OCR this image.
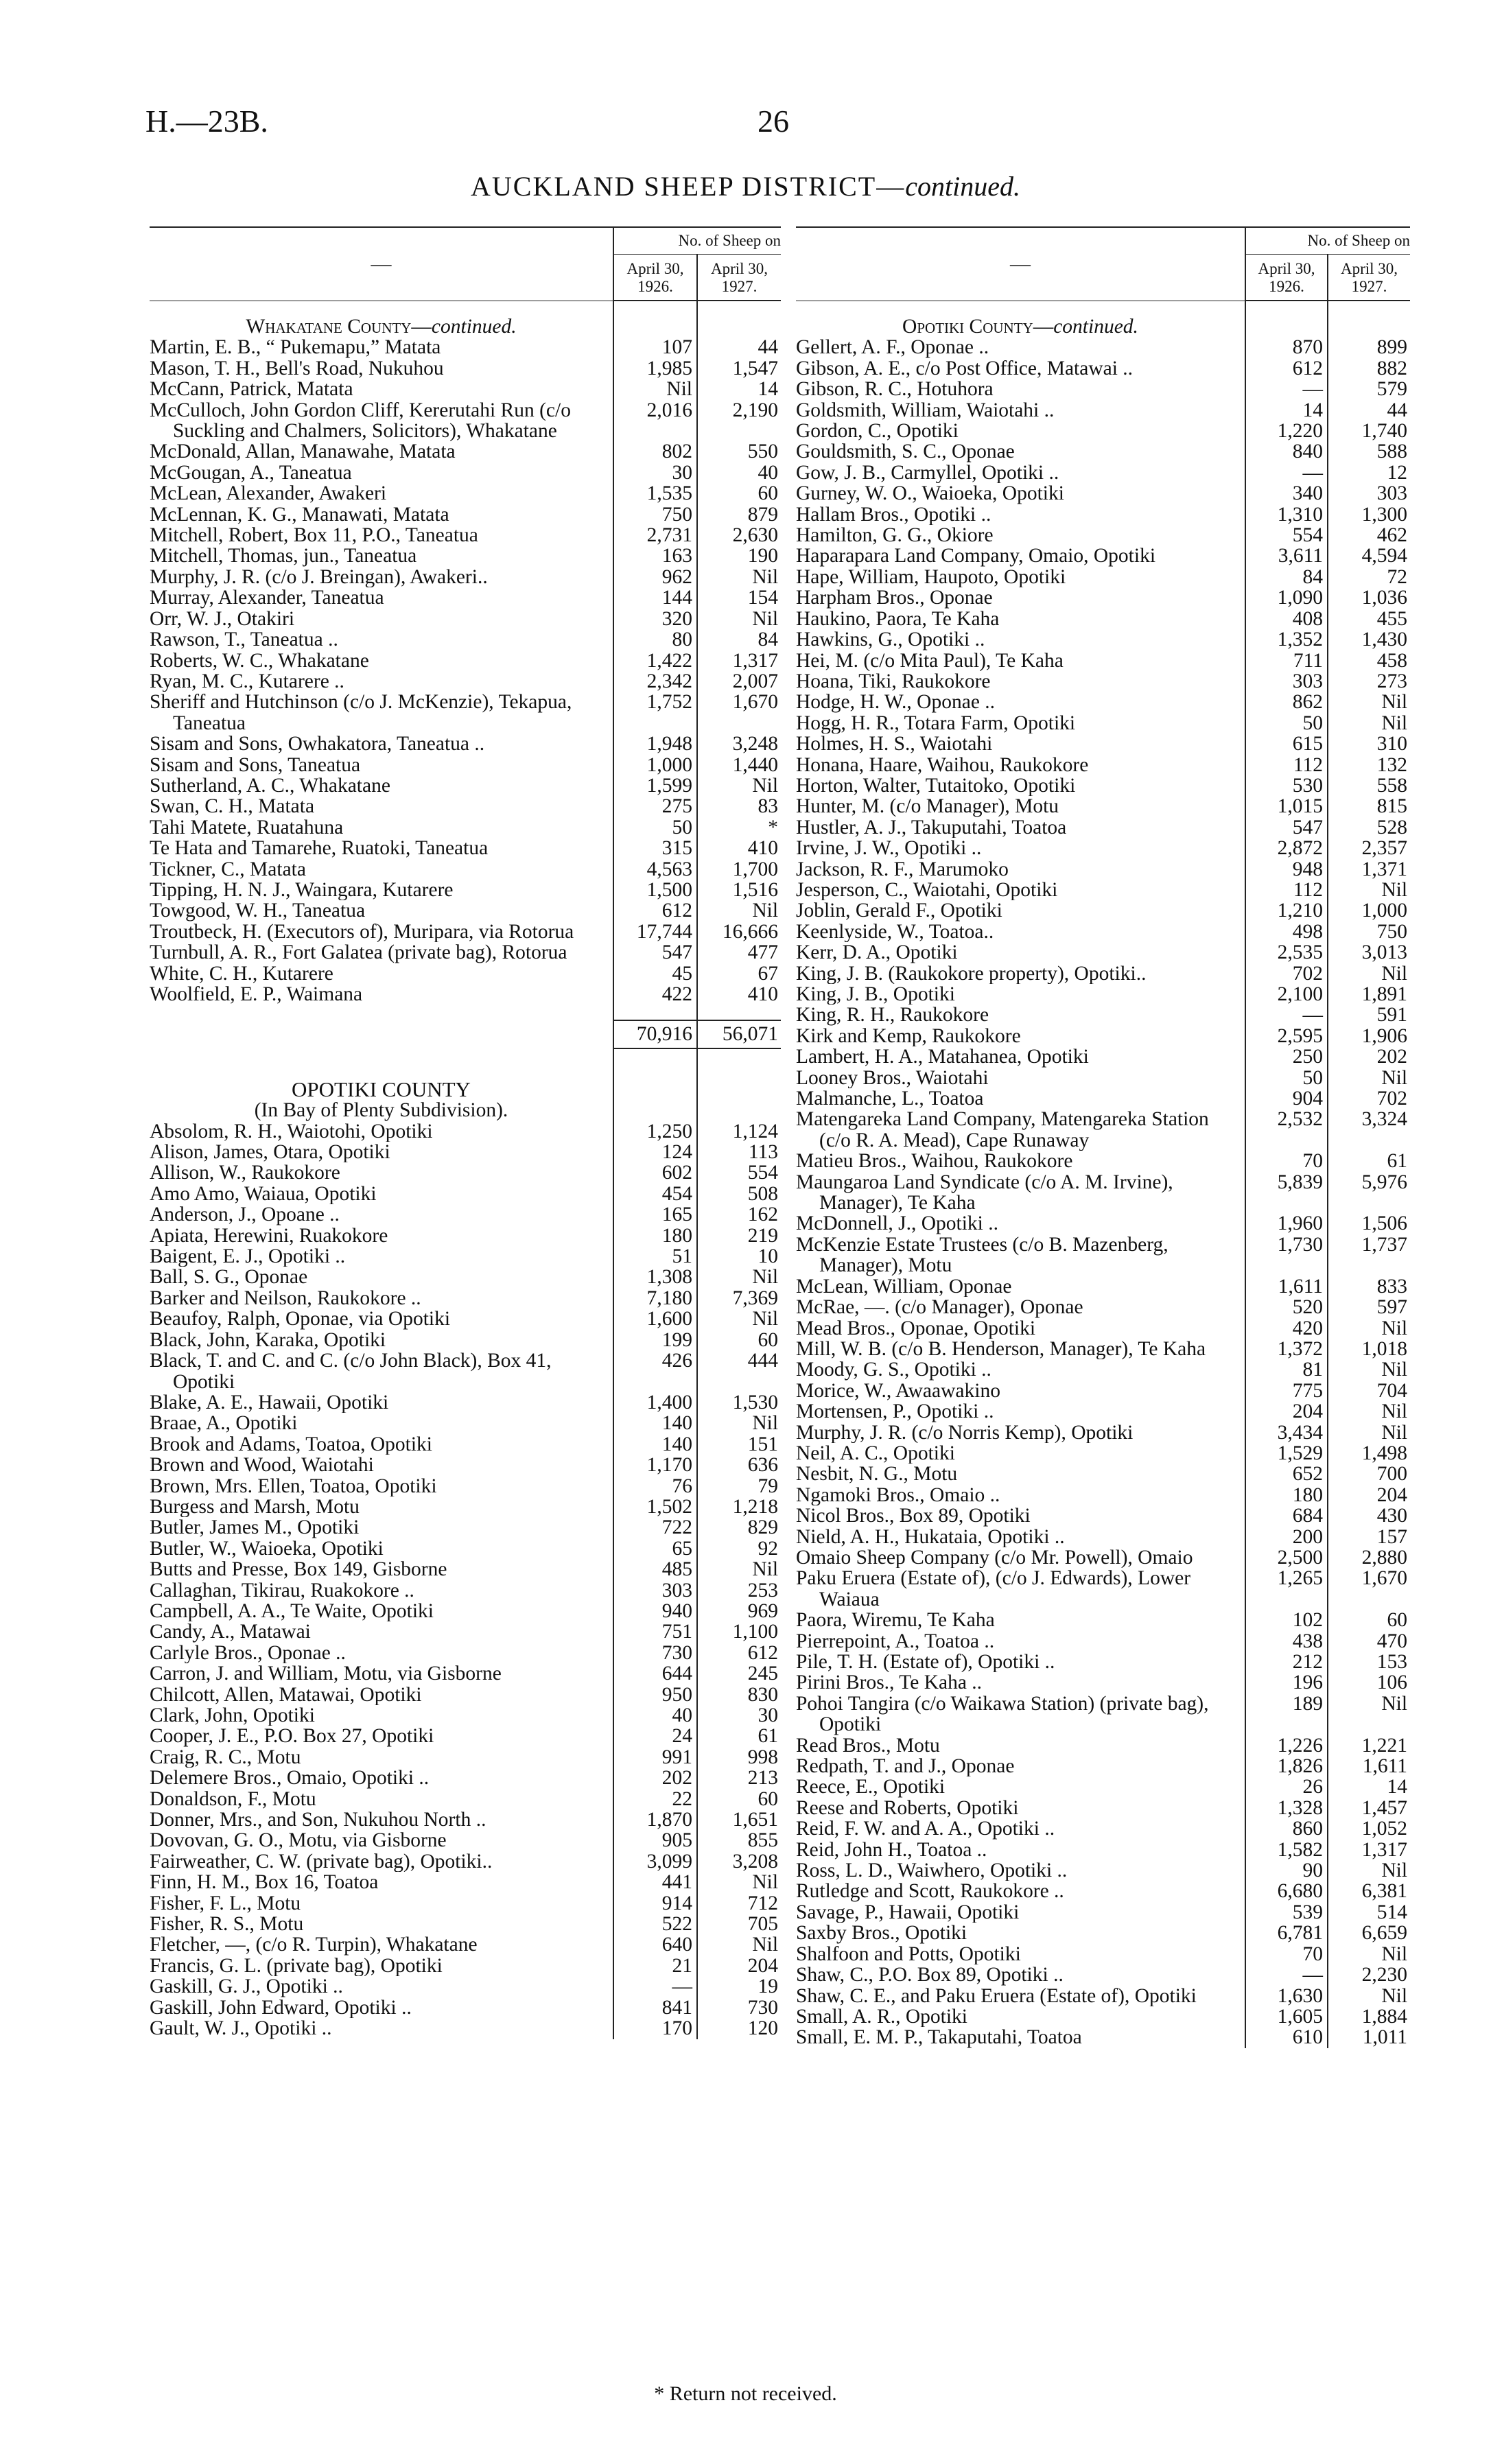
H.—23B.	26
AUCKLAND SHEEP DISTRICT—continued.
—	No. of Sheep on	
	April 30, 1926.	April 30, 1927.

Whakatane County—continued.		

Martin, E. B., “ Pukemapu,” Matata	107	44

Mason, T. H., Bell's Road, Nukuhou	1,985	1,547

McCann, Patrick, Matata	Nil	14

McCulloch, John Gordon Cliff, Kererutahi Run (c/o Suckling and Chalmers, Solicitors), Whakatane	2,016	2,190

McDonald, Allan, Manawahe, Matata	802	550

McGougan, A., Taneatua	30	40

McLean, Alexander, Awakeri	1,535	60

McLennan, K. G., Manawati, Matata	750	879

Mitchell, Robert, Box 11, P.O., Taneatua	2,731	2,630

Mitchell, Thomas, jun., Taneatua	163	190

Murphy, J. R. (c/o J. Breingan), Awakeri..	962	Nil

Murray, Alexander, Taneatua	144	154

Orr, W. J., Otakiri	320	Nil

Rawson, T., Taneatua ..	80	84

Roberts, W. C., Whakatane	1,422	1,317

Ryan, M. C., Kutarere ..	2,342	2,007

Sheriff and Hutchinson (c/o J. McKenzie), Tekapua, Taneatua	1,752	1,670

Sisam and Sons, Owhakatora, Taneatua ..	1,948	3,248

Sisam and Sons, Taneatua	1,000	1,440

Sutherland, A. C., Whakatane	1,599	Nil

Swan, C. H., Matata	275	83

Tahi Matete, Ruatahuna	50	*

Te Hata and Tamarehe, Ruatoki, Taneatua	315	410

Tickner, C., Matata	4,563	1,700

Tipping, H. N. J., Waingara, Kutarere	1,500	1,516

Towgood, W. H., Taneatua	612	Nil

Troutbeck, H. (Executors of), Muripara, via Rotorua	17,744	16,666

Turnbull, A. R., Fort Galatea (private bag), Rotorua	547	477

White, C. H., Kutarere	45	67

Woolfield, E. P., Waimana	422	410

	70,916	56,071

OPOTIKI COUNTY		

(In Bay of Plenty Subdivision).		

Absolom, R. H., Waiotohi, Opotiki	1,250	1,124

Alison, James, Otara, Opotiki	124	113

Allison, W., Raukokore	602	554

Amo Amo, Waiaua, Opotiki	454	508

Anderson, J., Opoane ..	165	162

Apiata, Herewini, Ruakokore	180	219

Baigent, E. J., Opotiki ..	51	10

Ball, S. G., Oponae	1,308	Nil

Barker and Neilson, Raukokore ..	7,180	7,369

Beaufoy, Ralph, Oponae, via Opotiki	1,600	Nil

Black, John, Karaka, Opotiki	199	60

Black, T. and C. and C. (c/o John Black), Box 41, Opotiki	426	444

Blake, A. E., Hawaii, Opotiki	1,400	1,530

Braae, A., Opotiki	140	Nil

Brook and Adams, Toatoa, Opotiki	140	151

Brown and Wood, Waiotahi	1,170	636

Brown, Mrs. Ellen, Toatoa, Opotiki	76	79

Burgess and Marsh, Motu	1,502	1,218

Butler, James M., Opotiki	722	829

Butler, W., Waioeka, Opotiki	65	92

Butts and Presse, Box 149, Gisborne	485	Nil

Callaghan, Tikirau, Ruakokore ..	303	253

Campbell, A. A., Te Waite, Opotiki	940	969

Candy, A., Matawai	751	1,100

Carlyle Bros., Oponae ..	730	612

Carron, J. and William, Motu, via Gisborne	644	245

Chilcott, Allen, Matawai, Opotiki	950	830

Clark, John, Opotiki	40	30

Cooper, J. E., P.O. Box 27, Opotiki	24	61

Craig, R. C., Motu	991	998

Delemere Bros., Omaio, Opotiki ..	202	213

Donaldson, F., Motu	22	60

Donner, Mrs., and Son, Nukuhou North ..	1,870	1,651

Dovovan, G. O., Motu, via Gisborne	905	855

Fairweather, C. W. (private bag), Opotiki..	3,099	3,208

Finn, H. M., Box 16, Toatoa	441	Nil

Fisher, F. L., Motu	914	712

Fisher, R. S., Motu	522	705

Fletcher, —, (c/o R. Turpin), Whakatane	640	Nil

Francis, G. L. (private bag), Opotiki	21	204

Gaskill, G. J., Opotiki ..	—	19

Gaskill, John Edward, Opotiki ..	841	730

Gault, W. J., Opotiki ..	170	120
—	No. of Sheep on	
	April 30, 1926.	April 30, 1927.

Opotiki County—continued.		

Gellert, A. F., Oponae ..	870	899

Gibson, A. E., c/o Post Office, Matawai ..	612	882

Gibson, R. C., Hotuhora	—	579

Goldsmith, William, Waiotahi ..	14	44

Gordon, C., Opotiki	1,220	1,740

Gouldsmith, S. C., Oponae	840	588

Gow, J. B., Carmyllel, Opotiki ..	—	12

Gurney, W. O., Waioeka, Opotiki	340	303

Hallam Bros., Opotiki ..	1,310	1,300

Hamilton, G. G., Okiore	554	462

Haparapara Land Company, Omaio, Opotiki	3,611	4,594

Hape, William, Haupoto, Opotiki	84	72

Harpham Bros., Oponae	1,090	1,036

Haukino, Paora, Te Kaha	408	455

Hawkins, G., Opotiki ..	1,352	1,430

Hei, M. (c/o Mita Paul), Te Kaha	711	458

Hoana, Tiki, Raukokore	303	273

Hodge, H. W., Oponae ..	862	Nil

Hogg, H. R., Totara Farm, Opotiki	50	Nil

Holmes, H. S., Waiotahi	615	310

Honana, Haare, Waihou, Raukokore	112	132

Horton, Walter, Tutaitoko, Opotiki	530	558

Hunter, M. (c/o Manager), Motu	1,015	815

Hustler, A. J., Takuputahi, Toatoa	547	528

Irvine, J. W., Opotiki ..	2,872	2,357

Jackson, R. F., Marumoko	948	1,371

Jesperson, C., Waiotahi, Opotiki	112	Nil

Joblin, Gerald F., Opotiki	1,210	1,000

Keenlyside, W., Toatoa..	498	750

Kerr, D. A., Opotiki	2,535	3,013

King, J. B. (Raukokore property), Opotiki..	702	Nil

King, J. B., Opotiki	2,100	1,891

King, R. H., Raukokore	—	591

Kirk and Kemp, Raukokore	2,595	1,906

Lambert, H. A., Matahanea, Opotiki	250	202

Looney Bros., Waiotahi	50	Nil

Malmanche, L., Toatoa	904	702

Matengareka Land Company, Matengareka Station (c/o R. A. Mead), Cape Runaway	2,532	3,324

Matieu Bros., Waihou, Raukokore	70	61

Maungaroa Land Syndicate (c/o A. M. Irvine), Manager), Te Kaha	5,839	5,976

McDonnell, J., Opotiki ..	1,960	1,506

McKenzie Estate Trustees (c/o B. Mazenberg, Manager), Motu	1,730	1,737

McLean, William, Oponae	1,611	833

McRae, —. (c/o Manager), Oponae	520	597

Mead Bros., Oponae, Opotiki	420	Nil

Mill, W. B. (c/o B. Henderson, Manager), Te Kaha	1,372	1,018

Moody, G. S., Opotiki ..	81	Nil

Morice, W., Awaawakino	775	704

Mortensen, P., Opotiki ..	204	Nil

Murphy, J. R. (c/o Norris Kemp), Opotiki	3,434	Nil

Neil, A. C., Opotiki	1,529	1,498

Nesbit, N. G., Motu	652	700

Ngamoki Bros., Omaio ..	180	204

Nicol Bros., Box 89, Opotiki	684	430

Nield, A. H., Hukataia, Opotiki ..	200	157

Omaio Sheep Company (c/o Mr. Powell), Omaio	2,500	2,880

Paku Eruera (Estate of), (c/o J. Edwards), Lower Waiaua	1,265	1,670

Paora, Wiremu, Te Kaha	102	60

Pierrepoint, A., Toatoa ..	438	470

Pile, T. H. (Estate of), Opotiki ..	212	153

Pirini Bros., Te Kaha ..	196	106

Pohoi Tangira (c/o Waikawa Station) (private bag), Opotiki	189	Nil

Read Bros., Motu	1,226	1,221

Redpath, T. and J., Oponae	1,826	1,611

Reece, E., Opotiki	26	14

Reese and Roberts, Opotiki	1,328	1,457

Reid, F. W. and A. A., Opotiki ..	860	1,052

Reid, John H., Toatoa ..	1,582	1,317

Ross, L. D., Waiwhero, Opotiki ..	90	Nil

Rutledge and Scott, Raukokore ..	6,680	6,381

Savage, P., Hawaii, Opotiki	539	514

Saxby Bros., Opotiki	6,781	6,659

Shalfoon and Potts, Opotiki	70	Nil

Shaw, C., P.O. Box 89, Opotiki ..	—	2,230

Shaw, C. E., and Paku Eruera (Estate of), Opotiki	1,630	Nil

Small, A. R., Opotiki	1,605	1,884

Small, E. M. P., Takaputahi, Toatoa	610	1,011
* Return not received.
